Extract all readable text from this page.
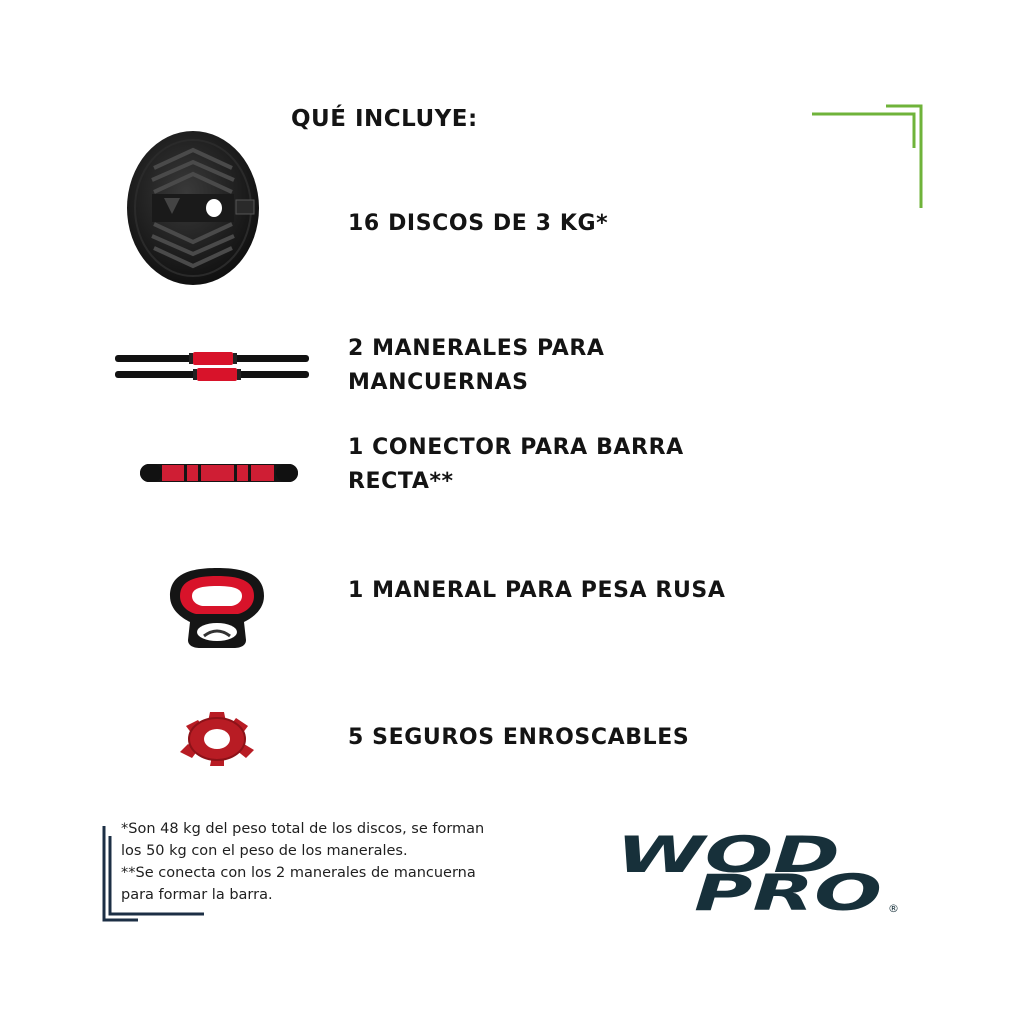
QUÉ INCLUYE:
16 DISCOS DE 3 KG*
2 MANERALES PARA
MANCUERNAS
1 CONECTOR PARA BARRA
RECTA**
1 MANERAL PARA PESA RUSA
5 SEGUROS ENROSCABLES
*Son 48 kg del peso total de los discos, se forman
los 50 kg con el peso de los manerales.
**Se conecta con los 2 manerales de mancuerna
para formar la barra.
WOD
PRO ®
